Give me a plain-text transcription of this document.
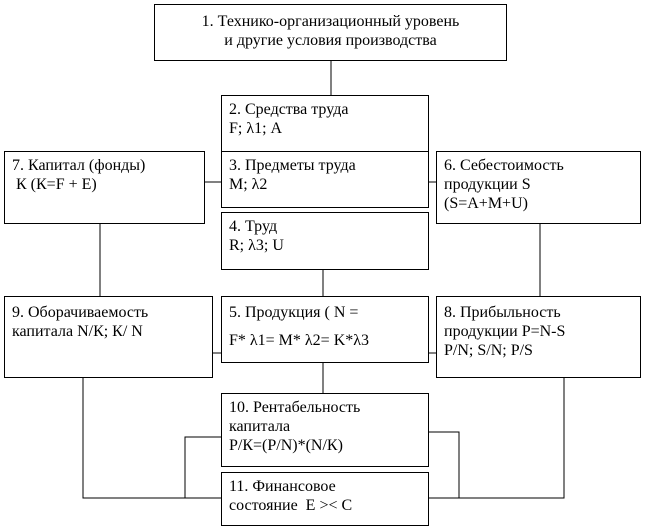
1. Технико-организационный уровень
и другие условия производства
2. Средства труда
F; λ1; A
3. Предметы труда
M; λ2
4. Труд
R; λ3; U
5. Продукция ( N =
F* λ1= M* λ2= K*λ3
6. Себестоимость
продукции S
(S=A+M+U)
7. Капитал (фонды)
К (К=F + E)
8. Прибыльность
продукции P=N-S
P/N; S/N; P/S
9. Оборачиваемость
капитала N/К; К/ N
10. Рентабельность
капитала
P/К=(P/N)*(N/К)
11. Финансовое
состояние  E >< C
